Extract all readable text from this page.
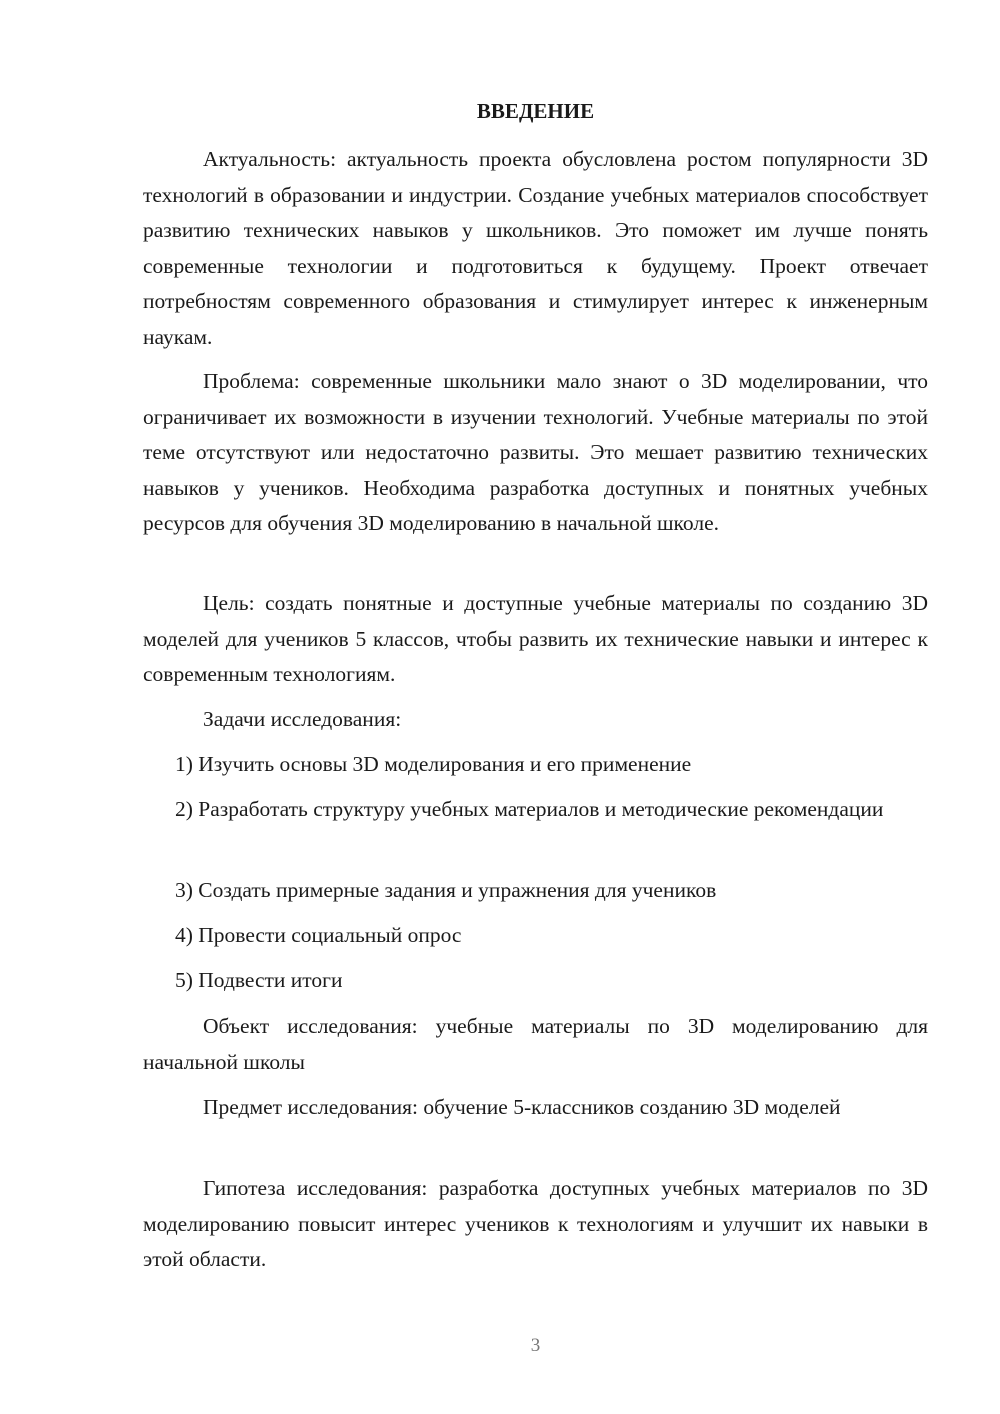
ВВЕДЕНИЕ

Актуальность: актуальность проекта обусловлена ростом популярности 3D технологий в образовании и индустрии. Создание учебных материалов способствует развитию технических навыков у школьников. Это поможет им лучше понять современные технологии и подготовиться к будущему. Проект отвечает потребностям современного образования и стимулирует интерес к инженерным наукам.

Проблема: современные школьники мало знают о 3D моделировании, что ограничивает их возможности в изучении технологий. Учебные материалы по этой теме отсутствуют или недостаточно развиты. Это мешает развитию технических навыков у учеников. Необходима разработка доступных и понятных учебных ресурсов для обучения 3D моделированию в начальной школе.

Цель: создать понятные и доступные учебные материалы по созданию 3D моделей для учеников 5 классов, чтобы развить их технические навыки и интерес к современным технологиям.

Задачи исследования:

1) Изучить основы 3D моделирования и его применение

2) Разработать структуру учебных материалов и методические рекомендации

3) Создать примерные задания и упражнения для учеников

4) Провести социальный опрос

5) Подвести итоги

Объект исследования: учебные материалы по 3D моделированию для начальной школы

Предмет исследования: обучение 5-классников созданию 3D моделей

Гипотеза исследования: разработка доступных учебных материалов по 3D моделированию повысит интерес учеников к технологиям и улучшит их навыки в этой области.

3
